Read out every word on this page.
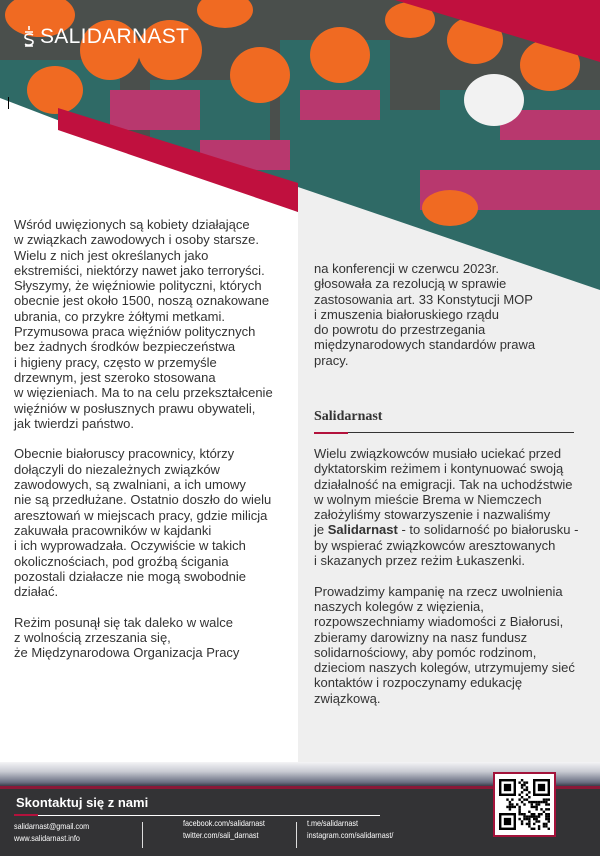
SALIDARNAST

Wśród uwięzionych są kobiety działające
w związkach zawodowych i osoby starsze.
Wielu z nich jest określanych jako
ekstremiści, niektórzy nawet jako terroryści.
Słyszymy, że więźniowie polityczni, których
obecnie jest około 1500, noszą oznakowane
ubrania, co przykre żółtymi metkami.
Przymusowa praca więźniów politycznych
bez żadnych środków bezpieczeństwa
i higieny pracy, często w przemyśle
drzewnym, jest szeroko stosowana
w więzieniach. Ma to na celu przekształcenie
więźniów w posłusznych prawu obywateli,
jak twierdzi państwo.

Obecnie białoruscy pracownicy, którzy
dołączyli do niezależnych związków
zawodowych, są zwalniani, a ich umowy
nie są przedłużane. Ostatnio doszło do wielu
aresztowań w miejscach pracy, gdzie milicja
zakuwała pracowników w kajdanki
i ich wyprowadzała. Oczywiście w takich
okolicznościach, pod groźbą ścigania
pozostali działacze nie mogą swobodnie
działać.

Reżim posunął się tak daleko w walce
z wolnością zrzeszania się,
że Międzynarodowa Organizacja Pracy

na konferencji w czerwcu 2023r.
głosowała za rezolucją w sprawie
zastosowania art. 33 Konstytucji MOP
i zmuszenia białoruskiego rządu
do powrotu do przestrzegania
międzynarodowych standardów prawa
pracy.

Salidarnast

Wielu związkowców musiało uciekać przed
dyktatorskim reżimem i kontynuować swoją
działalność na emigracji. Tak na uchodźstwie
w wolnym mieście Brema w Niemczech
założyliśmy stowarzyszenie i nazwaliśmy
je Salidarnast - to solidarność po białorusku -
by wspierać związkowców aresztowanych
i skazanych przez reżim Łukaszenki.

Prowadzimy kampanię na rzecz uwolnienia
naszych kolegów z więzienia,
rozpowszechniamy wiadomości z Białorusi,
zbieramy darowizny na nasz fundusz
solidarnościowy, aby pomóc rodzinom,
dzieciom naszych kolegów, utrzymujemy sieć
kontaktów i rozpoczynamy edukację
związkową.

Skontaktuj się z nami
salidarnast@gmail.com
www.salidarnast.info
facebook.com/salidarnast
twitter.com/sali_darnast
t.me/salidarnast
instagram.com/salidarnast/
